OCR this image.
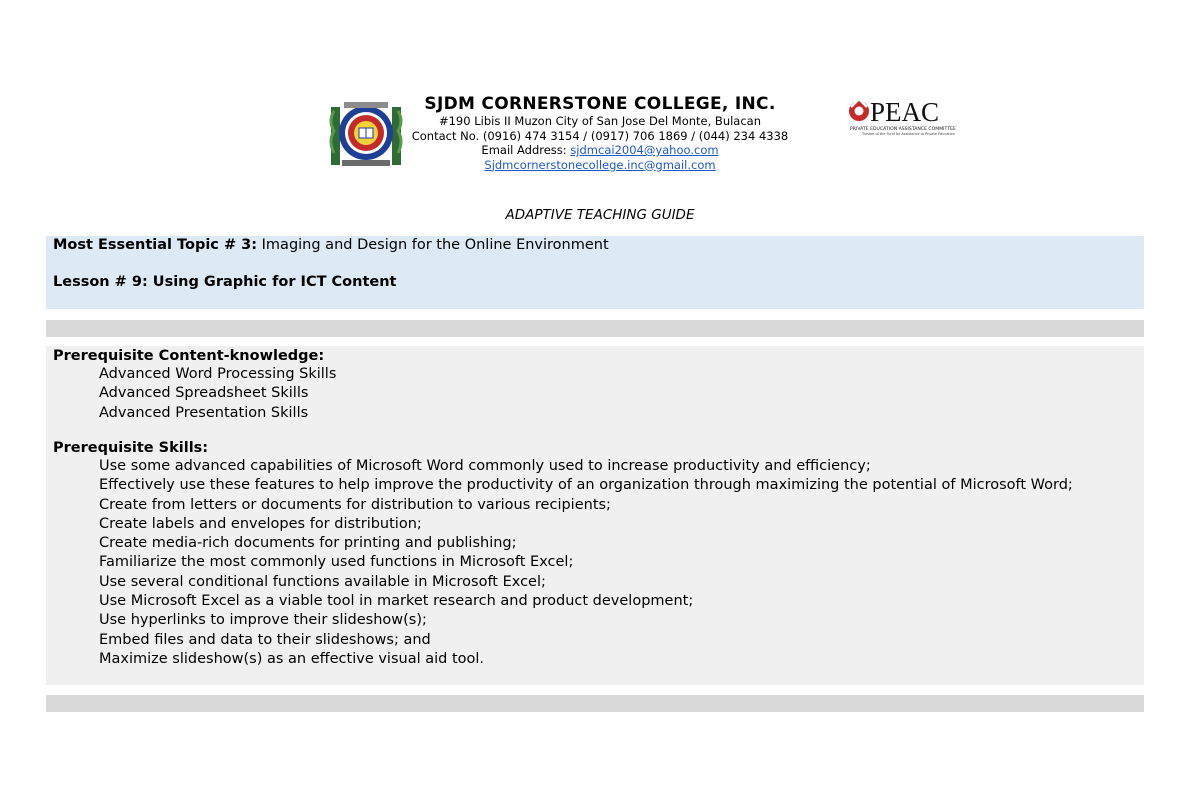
SJDM CORNERSTONE COLLEGE, INC.
#190 Libis II Muzon City of San Jose Del Monte, Bulacan
Contact No. (0916) 474 3154 / (0917) 706 1869 / (044) 234 4338
Email Address: sjdmcai2004@yahoo.com
Sjdmcornerstonecollege.inc@gmail.com
PEAC
PRIVATE EDUCATION ASSISTANCE COMMITTEE
Trustee of the Fund for Assistance to Private Education
ADAPTIVE TEACHING GUIDE
Most Essential Topic # 3: Imaging and Design for the Online Environment
Lesson # 9: Using Graphic for ICT Content
Prerequisite Content-knowledge:
Advanced Word Processing Skills
Advanced Spreadsheet Skills
Advanced Presentation Skills
Prerequisite Skills:
Use some advanced capabilities of Microsoft Word commonly used to increase productivity and efficiency;
Effectively use these features to help improve the productivity of an organization through maximizing the potential of Microsoft Word;
Create from letters or documents for distribution to various recipients;
Create labels and envelopes for distribution;
Create media-rich documents for printing and publishing;
Familiarize the most commonly used functions in Microsoft Excel;
Use several conditional functions available in Microsoft Excel;
Use Microsoft Excel as a viable tool in market research and product development;
Use hyperlinks to improve their slideshow(s);
Embed files and data to their slideshows; and
Maximize slideshow(s) as an effective visual aid tool.
